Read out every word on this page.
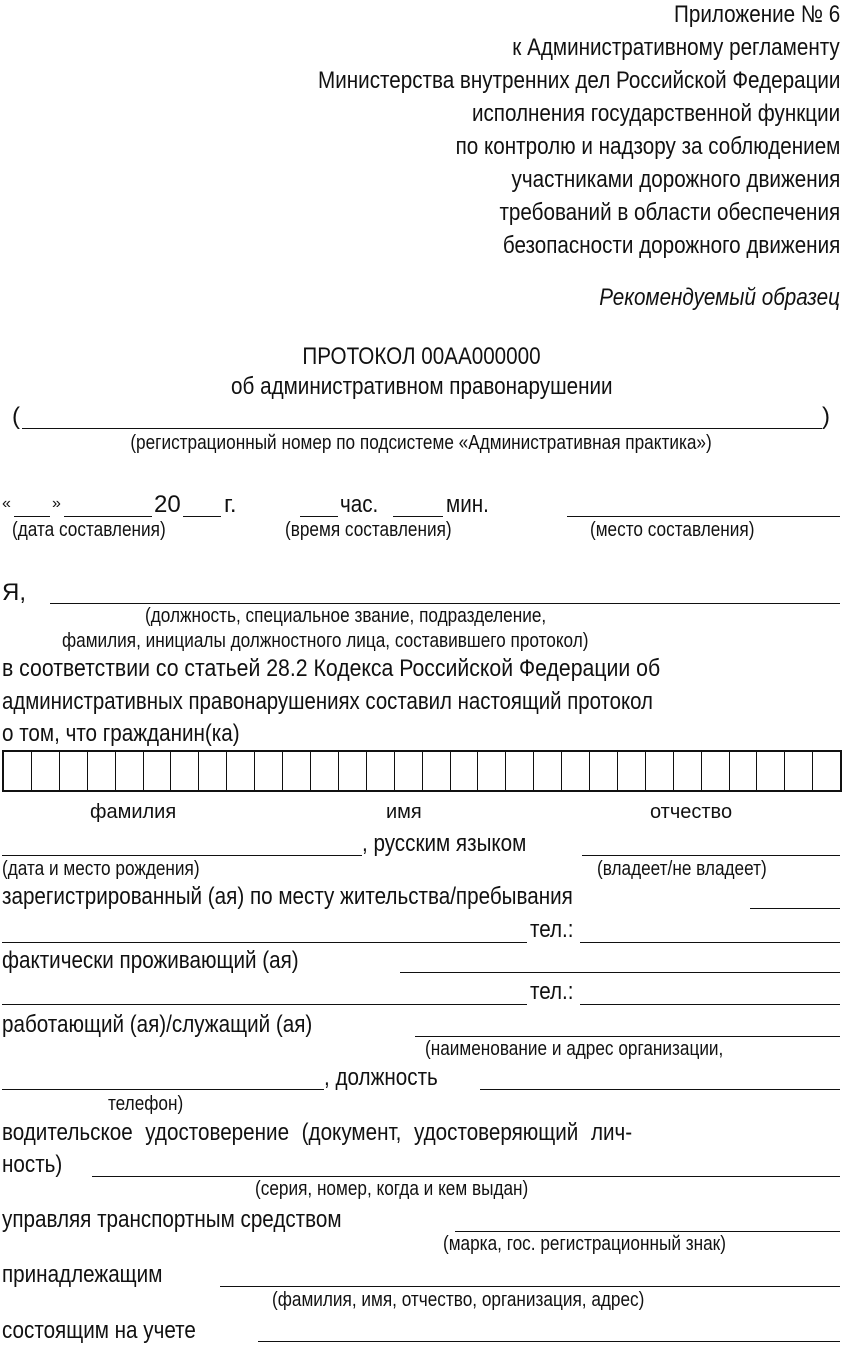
Приложение № 6
к Административному регламенту
Министерства внутренних дел Российской Федерации
исполнения государственной функции
по контролю и надзору за соблюдением
участниками дорожного движения
требований в области обеспечения
безопасности дорожного движения
Рекомендуемый образец
ПРОТОКОЛ 00АА000000
об административном правонарушении
(	)
(регистрационный номер по подсистеме «Административная практика»)
«	»	20 г.	час.	мин.
(дата составления)	(время составления)	(место составления)
Я,
(должность, специальное звание, подразделение,
фамилия, инициалы должностного лица, составившего протокол)
в соответствии со статьей 28.2 Кодекса Российской Федерации об
административных правонарушениях составил настоящий протокол
о том, что гражданин(ка)
фамилия	имя	отчество
, русским языком
(дата и место рождения)	(владеет/не владеет)
зарегистрированный (ая) по месту жительства/пребывания
тел.:
фактически проживающий (ая)
тел.:
работающий (ая)/служащий (ая)
(наименование и адрес организации,
, должность
телефон)
водительское удостоверение (документ, удостоверяющий лич-
ность)
(серия, номер, когда и кем выдан)
управляя транспортным средством
(марка, гос. регистрационный знак)
принадлежащим
(фамилия, имя, отчество, организация, адрес)
состоящим на учете
